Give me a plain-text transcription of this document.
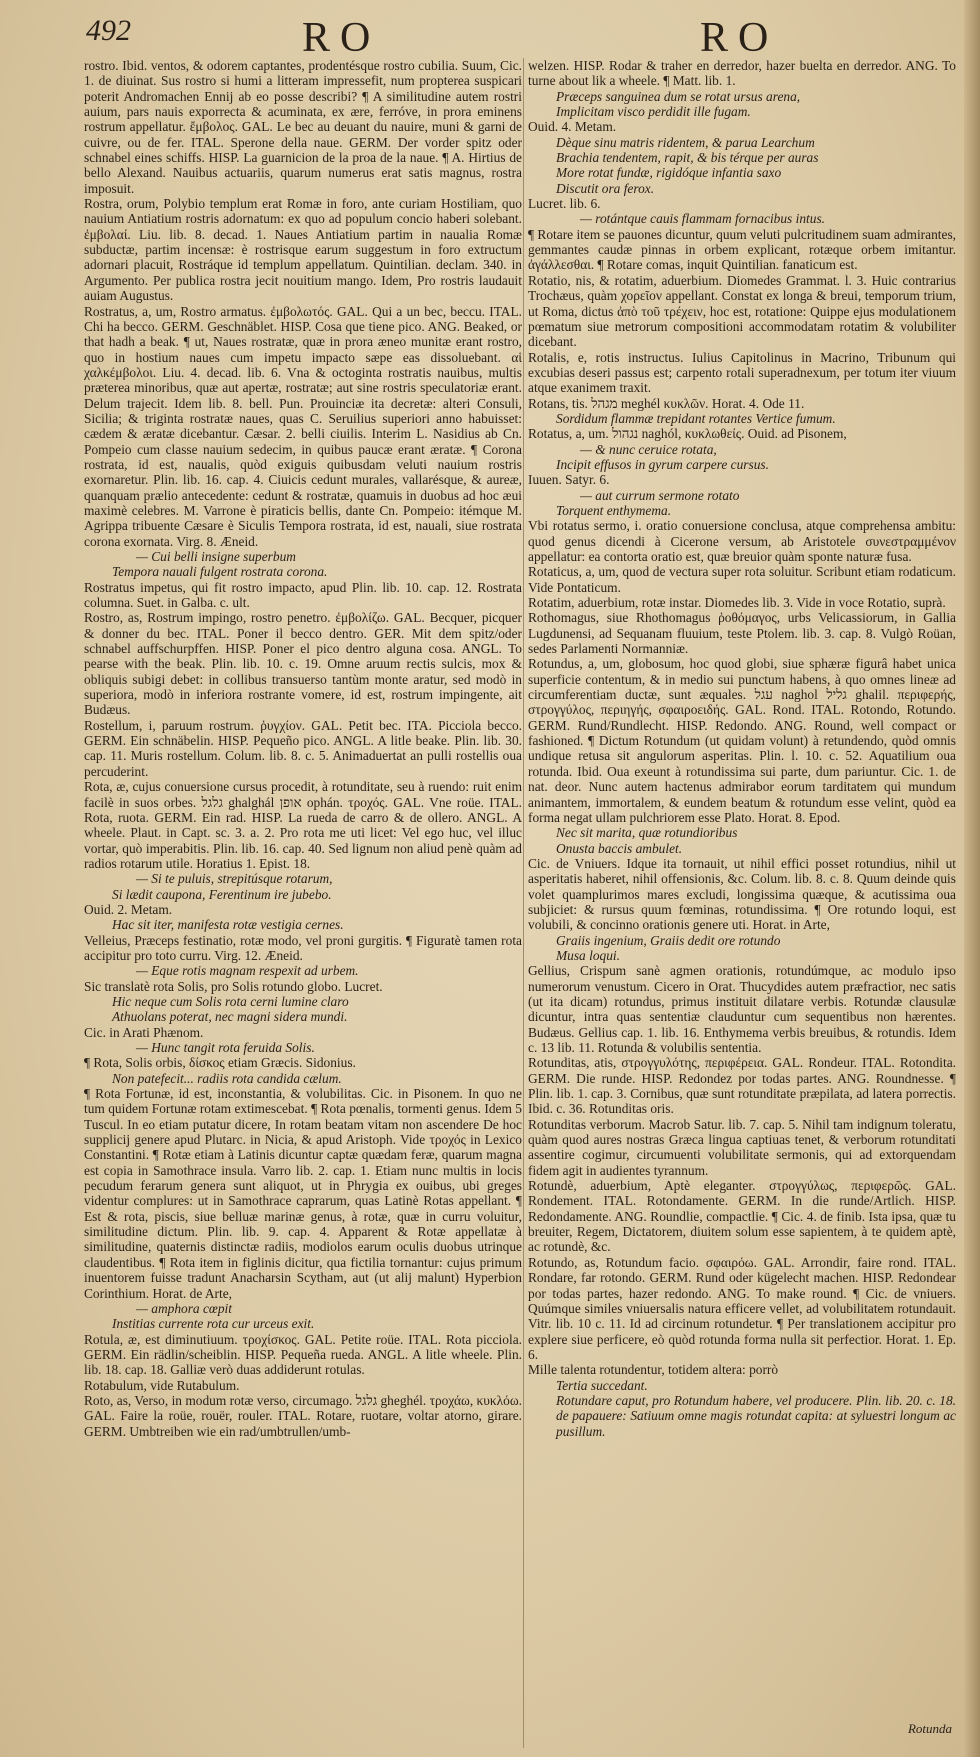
492	RO	RO

rostro. Ibid. ventos, & odorem captantes, prodentésque rostro cubilia. Suum, Cic. 1. de diuinat. Sus rostro si humi a litteram impressefit, num propterea suspicari poterit Andromachen Ennij ab eo posse describi? ¶ A similitudine autem rostri auium, pars nauis exporrecta & acuminata, ex ære, ferróve, in prora eminens rostrum appellatur. ἔμβολος. GAL. Le bec au deuant du nauire, muni & garni de cuivre, ou de fer. ITAL. Sperone della naue. GERM. Der vorder spitz oder schnabel eines schiffs. HISP. La guarnicion de la proa de la naue. ¶ A. Hirtius de bello Alexand. Nauibus actuariis, quarum numerus erat satis magnus, rostra imposuit.

Rostra, orum, Polybio templum erat Romæ in foro, ante curiam Hostiliam, quo nauium Antiatium rostris adornatum: ex quo ad populum concio haberi solebant. ἐμβολαί. Liu. lib. 8. decad. 1. Naues Antiatium partim in naualia Romæ subductæ, partim incensæ: è rostrisque earum suggestum in foro extructum adornari placuit, Rostráque id templum appellatum. Quintilian. declam. 340. in Argumento. Per publica rostra jecit nouitium mango. Idem, Pro rostris laudauit auiam Augustus.

Rostratus, a, um, Rostro armatus. ἐμβολωτός. GAL. Qui a un bec, beccu. ITAL. Chi ha becco. GERM. Geschnäblet. HISP. Cosa que tiene pico. ANG. Beaked, or that hadh a beak. ¶ ut, Naues rostratæ, quæ in prora æneo munitæ erant rostro, quo in hostium naues cum impetu impacto sæpe eas dissoluebant. αἱ χαλκέμβολοι. Liu. 4. decad. lib. 6. Vna & octoginta rostratis nauibus, multis præterea minoribus, quæ aut apertæ, rostratæ; aut sine rostris speculatoriæ erant. Delum trajecit. Idem lib. 8. bell. Pun. Prouinciæ ita decretæ: alteri Consuli, Sicilia; & triginta rostratæ naues, quas C. Seruilius superiori anno habuisset: cædem & æratæ dicebantur. Cæsar. 2. belli ciuilis. Interim L. Nasidius ab Cn. Pompeio cum classe nauium sedecim, in quibus paucæ erant æratæ. ¶ Corona rostrata, id est, naualis, quòd exiguis quibusdam veluti nauium rostris exornaretur. Plin. lib. 16. cap. 4. Ciuicis cedunt murales, vallarésque, & aureæ, quanquam prælio antecedente: cedunt & rostratæ, quamuis in duobus ad hoc æui maximè celebres. M. Varrone è piraticis bellis, dante Cn. Pompeio: itémque M. Agrippa tribuente Cæsare è Siculis Tempora rostrata, id est, nauali, siue rostrata corona exornata. Virg. 8. Æneid.

— Cui belli insigne superbum

Tempora nauali fulgent rostrata corona.

Rostratus impetus, qui fit rostro impacto, apud Plin. lib. 10. cap. 12. Rostrata columna. Suet. in Galba. c. ult.

Rostro, as, Rostrum impingo, rostro penetro. ἐμβολίζω. GAL. Becquer, picquer & donner du bec. ITAL. Poner il becco dentro. GER. Mit dem spitz/oder schnabel auffschurpffen. HISP. Poner el pico dentro alguna cosa. ANGL. To pearse with the beak. Plin. lib. 10. c. 19. Omne aruum rectis sulcis, mox & obliquis subigi debet: in collibus transuerso tantùm monte aratur, sed modò in superiora, modò in inferiora rostrante vomere, id est, rostrum impingente, ait Budæus.

Rostellum, i, paruum rostrum. ῥυγχίον. GAL. Petit bec. ITA. Picciola becco. GERM. Ein schnäbelin. HISP. Pequeño pico. ANGL. A litle beake. Plin. lib. 30. cap. 11. Muris rostellum. Colum. lib. 8. c. 5. Animaduertat an pulli rostellis oua percuderint.

Rota, æ, cujus conuersione cursus procedit, à rotunditate, seu à ruendo: ruit enim facilè in suos orbes. גלגל ghalghál אופן ophán. τροχός. GAL. Vne roüe. ITAL. Rota, ruota. GERM. Ein rad. HISP. La rueda de carro & de ollero. ANGL. A wheele. Plaut. in Capt. sc. 3. a. 2. Pro rota me uti licet: Vel ego huc, vel illuc vortar, quò imperabitis. Plin. lib. 16. cap. 40. Sed lignum non aliud penè quàm ad radios rotarum utile. Horatius 1. Epist. 18.

— Si te puluis, strepitúsque rotarum,

Si lædit caupona, Ferentinum ire jubebo.

Ouid. 2. Metam.

Hac sit iter, manifesta rotæ vestigia cernes.

Velleius, Præceps festinatio, rotæ modo, vel proni gurgitis. ¶ Figuratè tamen rota accipitur pro toto curru. Virg. 12. Æneid.

— Eque rotis magnam respexit ad urbem.

Sic translatè rota Solis, pro Solis rotundo globo. Lucret.

Hic neque cum Solis rota cerni lumine claro

Athuolans poterat, nec magni sidera mundi.

Cic. in Arati Phænom.

— Hunc tangit rota feruida Solis.

¶ Rota, Solis orbis, δίσκος etiam Græcis. Sidonius.

Non patefecit... radiis rota candida cælum.

¶ Rota Fortunæ, id est, inconstantia, & volubilitas. Cic. in Pisonem. In quo ne tum quidem Fortunæ rotam extimescebat. ¶ Rota pœnalis, tormenti genus. Idem 5 Tuscul. In eo etiam putatur dicere, In rotam beatam vitam non ascendere De hoc supplicij genere apud Plutarc. in Nicia, & apud Aristoph. Vide τροχός in Lexico Constantini. ¶ Rotæ etiam à Latinis dicuntur captæ quædam feræ, quarum magna est copia in Samothrace insula. Varro lib. 2. cap. 1. Etiam nunc multis in locis pecudum ferarum genera sunt aliquot, ut in Phrygia ex ouibus, ubi greges videntur complures: ut in Samothrace caprarum, quas Latinè Rotas appellant. ¶ Est & rota, piscis, siue belluæ marinæ genus, à rotæ, quæ in curru voluitur, similitudine dictum. Plin. lib. 9. cap. 4. Apparent & Rotæ appellatæ à similitudine, quaternis distinctæ radiis, modiolos earum oculis duobus utrinque claudentibus. ¶ Rota item in figlinis dicitur, qua fictilia tornantur: cujus primum inuentorem fuisse tradunt Anacharsin Scytham, aut (ut alij malunt) Hyperbion Corinthium. Horat. de Arte,

— amphora cœpit

Institias currente rota cur urceus exit.

Rotula, æ, est diminutiuum. τροχίσκος. GAL. Petite roüe. ITAL. Rota picciola. GERM. Ein rädlin/scheiblin. HISP. Pequeña rueda. ANGL. A litle wheele. Plin. lib. 18. cap. 18. Galliæ verò duas addiderunt rotulas.

Rotabulum, vide Rutabulum.

Roto, as, Verso, in modum rotæ verso, circumago. גלגל gheghél. τροχάω, κυκλόω. GAL. Faire la roüe, rouër, rouler. ITAL. Rotare, ruotare, voltar atorno, girare. GERM. Umbtreiben wie ein rad/umbtrullen/umb-

welzen. HISP. Rodar & traher en derredor, hazer buelta en derredor. ANG. To turne about lik a wheele. ¶ Matt. lib. 1.

Præceps sanguinea dum se rotat ursus arena,

Implicitam visco perdidit ille fugam.

Ouid. 4. Metam.

Dèque sinu matris ridentem, & parua Learchum

Brachia tendentem, rapit, & bis térque per auras

More rotat fundæ, rigidóque infantia saxo

Discutit ora ferox.

Lucret. lib. 6.

— rotántque cauis flammam fornacibus intus.

¶ Rotare item se pauones dicuntur, quum veluti pulcritudinem suam admirantes, gemmantes caudæ pinnas in orbem explicant, rotæque orbem imitantur. ἀγάλλεσθαι. ¶ Rotare comas, inquit Quintilian. fanaticum est.

Rotatio, nis, & rotatim, aduerbium. Diomedes Grammat. l. 3. Huic contrarius Trochæus, quàm χορεῖον appellant. Constat ex longa & breui, temporum trium, ut Roma, dictus ἀπὸ τοῦ τρέχειν, hoc est, rotatione: Quippe ejus modulationem pœmatum siue metrorum compositioni accommodatam rotatim & volubiliter dicebant.

Rotalis, e, rotis instructus. Iulius Capitolinus in Macrino, Tribunum qui excubias deseri passus est; carpento rotali superadnexum, per totum iter viuum atque exanimem traxit.

Rotans, tis. מגהל meghél κυκλῶν. Horat. 4. Ode 11.

Sordidum flammæ trepidant rotantes Vertice fumum.

Rotatus, a, um. נגהול naghól, κυκλωθείς. Ouid. ad Pisonem,

— & nunc ceruice rotata,

Incipit effusos in gyrum carpere cursus.

Iuuen. Satyr. 6.

— aut currum sermone rotato

Torquent enthymema.

Vbi rotatus sermo, i. oratio conuersione conclusa, atque comprehensa ambitu: quod genus dicendi à Cicerone versum, ab Aristotele συνεστραμμένον appellatur: ea contorta oratio est, quæ breuior quàm sponte naturæ fusa.

Rotaticus, a, um, quod de vectura super rota soluitur. Scribunt etiam rodaticum. Vide Pontaticum.

Rotatim, aduerbium, rotæ instar. Diomedes lib. 3. Vide in voce Rotatio, suprà.

Rothomagus, siue Rhothomagus ῥοθόμαγος, urbs Velicassiorum, in Gallia Lugdunensi, ad Sequanam fluuium, teste Ptolem. lib. 3. cap. 8. Vulgò Roüan, sedes Parlamenti Normanniæ.

Rotundus, a, um, globosum, hoc quod globi, siue sphæræ figurâ habet unica superficie contentum, & in medio sui punctum habens, à quo omnes lineæ ad circumferentiam ductæ, sunt æquales. עגל naghol גליל ghalil. περιφερής, στρογγύλος, περιηγής, σφαιροειδής. GAL. Rond. ITAL. Rotondo, Rotundo. GERM. Rund/Rundlecht. HISP. Redondo. ANG. Round, well compact or fashioned. ¶ Dictum Rotundum (ut quidam volunt) à retundendo, quòd omnis undique retusa sit angulorum asperitas. Plin. l. 10. c. 52. Aquatilium oua rotunda. Ibid. Oua exeunt à rotundissima sui parte, dum pariuntur. Cic. 1. de nat. deor. Nunc autem hactenus admirabor eorum tarditatem qui mundum animantem, immortalem, & eundem beatum & rotundum esse velint, quòd ea forma negat ullam pulchriorem esse Plato. Horat. 8. Epod.

Nec sit marita, quæ rotundioribus

Onusta baccis ambulet.

Cic. de Vniuers. Idque ita tornauit, ut nihil effici posset rotundius, nihil ut asperitatis haberet, nihil offensionis, &c. Colum. lib. 8. c. 8. Quum deinde quis volet quamplurimos mares excludi, longissima quæque, & acutissima oua subjiciet: & rursus quum fœminas, rotundissima. ¶ Ore rotundo loqui, est volubili, & concinno orationis genere uti. Horat. in Arte,

Graiis ingenium, Graiis dedit ore rotundo

Musa loqui.

Gellius, Crispum sanè agmen orationis, rotundúmque, ac modulo ipso numerorum venustum. Cicero in Orat. Thucydides autem præfractior, nec satis (ut ita dicam) rotundus, primus instituit dilatare verbis. Rotundæ clausulæ dicuntur, intra quas sententiæ clauduntur cum sequentibus non hærentes. Budæus. Gellius cap. 1. lib. 16. Enthymema verbis breuibus, & rotundis. Idem c. 13 lib. 11. Rotunda & volubilis sententia.

Rotunditas, atis, στρογγυλότης, περιφέρεια. GAL. Rondeur. ITAL. Rotondita. GERM. Die runde. HISP. Redondez por todas partes. ANG. Roundnesse. ¶ Plin. lib. 1. cap. 3. Cornibus, quæ sunt rotunditate præpilata, ad latera porrectis. Ibid. c. 36. Rotunditas oris.

Rotunditas verborum. Macrob Satur. lib. 7. cap. 5. Nihil tam indignum toleratu, quàm quod aures nostras Græca lingua captiuas tenet, & verborum rotunditati assentire cogimur, circumuenti volubilitate sermonis, qui ad extorquendam fidem agit in audientes tyrannum.

Rotundè, aduerbium, Aptè eleganter. στρογγύλως, περιφερῶς. GAL. Rondement. ITAL. Rotondamente. GERM. In die runde/Artlich. HISP. Redondamente. ANG. Roundlie, compactlie. ¶ Cic. 4. de finib. Ista ipsa, quæ tu breuiter, Regem, Dictatorem, diuitem solum esse sapientem, à te quidem aptè, ac rotundè, &c.

Rotundo, as, Rotundum facio. σφαιρόω. GAL. Arrondir, faire rond. ITAL. Rondare, far rotondo. GERM. Rund oder kügelecht machen. HISP. Redondear por todas partes, hazer redondo. ANG. To make round. ¶ Cic. de vniuers. Quúmque similes vniuersalis natura efficere vellet, ad volubilitatem rotundauit. Vitr. lib. 10 c. 11. Id ad circinum rotundetur. ¶ Per translationem accipitur pro explere siue perficere, eò quòd rotunda forma nulla sit perfectior. Horat. 1. Ep. 6.

Mille talenta rotundentur, totidem altera: porrò

Tertia succedant.

Rotundare caput, pro Rotundum habere, vel producere. Plin. lib. 20. c. 18. de papauere: Satiuum omne magis rotundat capita: at syluestri longum ac pusillum.

Rotunda
